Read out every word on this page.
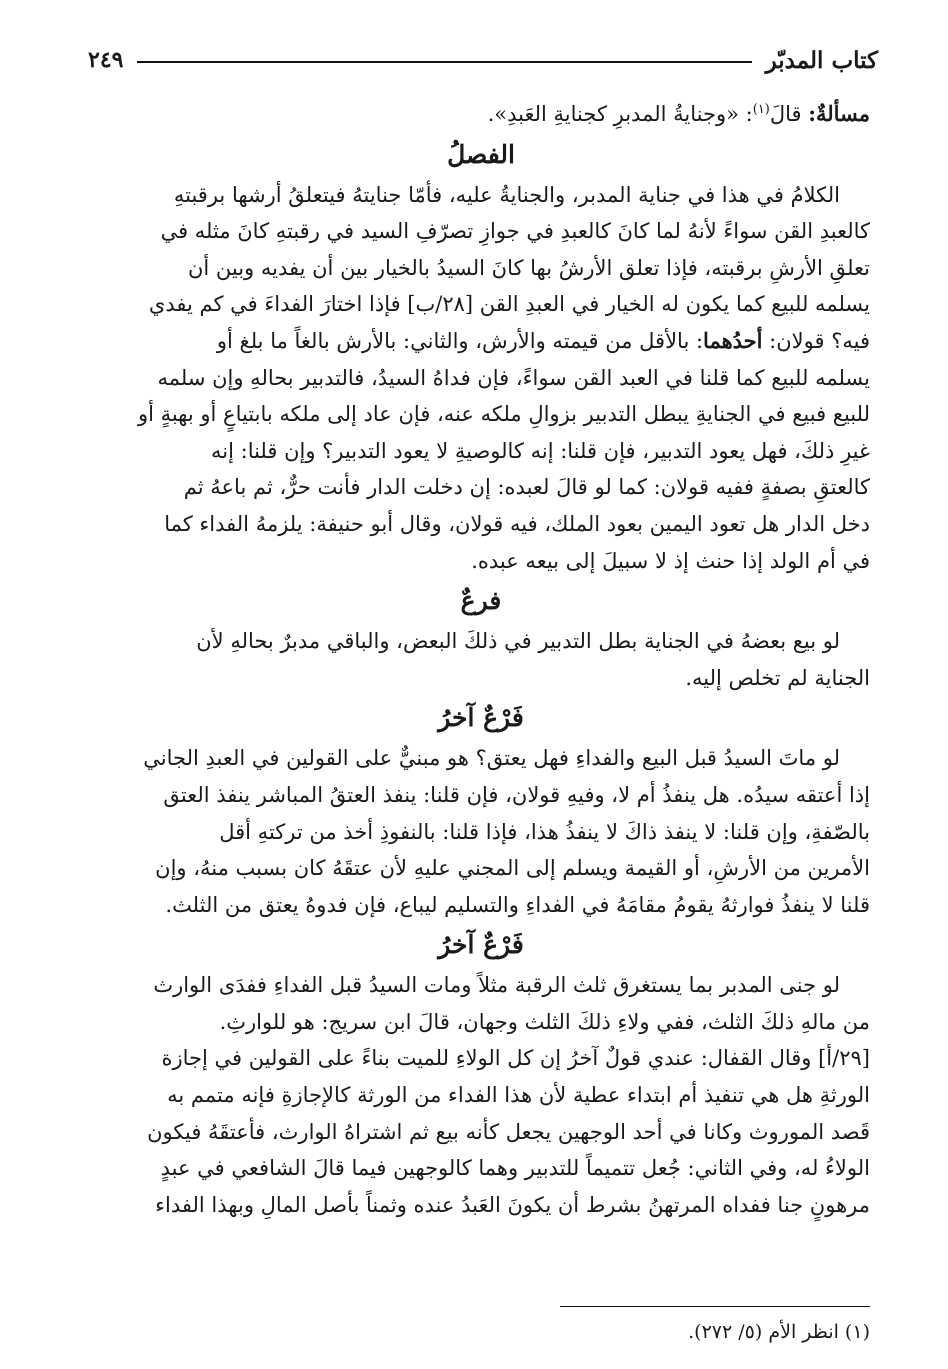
كتاب المدبّر
٢٤٩

مسألةٌ: قالَ$^{(١)}$: «وجنايةُ المدبرِ كجنايةِ العَبدِ».

الفصلُ

الكلامُ في هذا في جناية المدبر، والجنايةُ عليه، فأمّا جنايتهُ فيتعلقُ أرشها برقبتهِ

كالعبدِ القن سواءً لأنهُ لما كانَ كالعبدِ في جوازِ تصرّفِ السيد في رقبتهِ كانَ مثله في

تعلقِ الأرشِ برقبته، فإذا تعلق الأرشُ بها كانَ السيدُ بالخيار بين أن يفديه وبين أن

يسلمه للبيع كما يكون له الخيار في العبدِ القن [٢٨/ب] فإذا اختارَ الفداءَ في كم يفدي

فيه؟ قولان: أحدُهما: بالأقل من قيمته والأرش، والثاني: بالأرش بالغاً ما بلغ أو

يسلمه للبيع كما قلنا في العبد القن سواءً، فإن فداهُ السيدُ، فالتدبير بحالهِ وإن سلمه

للبيع فبيع في الجنايةِ يبطل التدبير بزوالِ ملكه عنه، فإن عاد إلى ملكه بابتياعٍ أو بهبةٍ أو

غيرِ ذلكَ، فهل يعود التدبير، فإن قلنا: إنه كالوصيةِ لا يعود التدبير؟ وإن قلنا: إنه

كالعتقِ بصفةٍ ففيه قولان: كما لو قالَ لعبده: إن دخلت الدار فأنت حرٌّ، ثم باعهُ ثم

دخل الدار هل تعود اليمين بعود الملك، فيه قولان، وقال أبو حنيفة: يلزمهُ الفداء كما

في أم الولد إذا حنث إذ لا سبيلَ إلى بيعه عبده.

فرعٌ

لو بيع بعضهُ في الجناية بطل التدبير في ذلكَ البعض، والباقي مدبرٌ بحالهِ لأن

الجناية لم تخلص إليه.

فَرْعٌ آخرُ

لو ماتَ السيدُ قبل البيع والفداءِ فهل يعتق؟ هو مبنيٌّ على القولين في العبدِ الجاني

إذا أعتقه سيدُه. هل ينفذُ أم لا، وفيهِ قولان، فإن قلنا: ينفذ العتقُ المباشر ينفذ العتق

بالصّفةِ، وإن قلنا: لا ينفذ ذاكَ لا ينفذُ هذا، فإذا قلنا: بالنفوذِ أخذ من تركتهِ أقل

الأمرين من الأرشِ، أو القيمة ويسلم إلى المجني عليهِ لأن عتقَهُ كان بسبب منهُ، وإن

قلنا لا ينفذُ فوارثهُ يقومُ مقامَهُ في الفداءِ والتسليم ليباع، فإن فدوهُ يعتق من الثلث.

فَرْعٌ آخرُ

لو جنى المدبر بما يستغرق ثلث الرقبة مثلاً ومات السيدُ قبل الفداءِ ففدَى الوارث

من مالهِ ذلكَ الثلث، ففي ولاءِ ذلكَ الثلث وجهان، قالَ ابن سريج: هو للوارثِ.

[٢٩/أ] وقال القفال: عندي قولٌ آخرُ إن كل الولاءِ للميت بناءً على القولين في إجازة

الورثةِ هل هي تنفيذ أم ابتداء عطية لأن هذا الفداء من الورثة كالإجازةِ فإنه متمم به

قَصد الموروث وكانا في أحد الوجهين يجعل كأنه بيع ثم اشتراهُ الوارث، فأعتقَهُ فيكون

الولاءُ له، وفي الثاني: جُعل تتميماً للتدبير وهما كالوجهين فيما قالَ الشافعي في عبدٍ

مرهونٍ جنا ففداه المرتهنُ بشرط أن يكونَ العَبدُ عنده وثمناً بأصل المالِ وبهذا الفداء

(١) انظر الأم (٥/ ٢٧٢).
